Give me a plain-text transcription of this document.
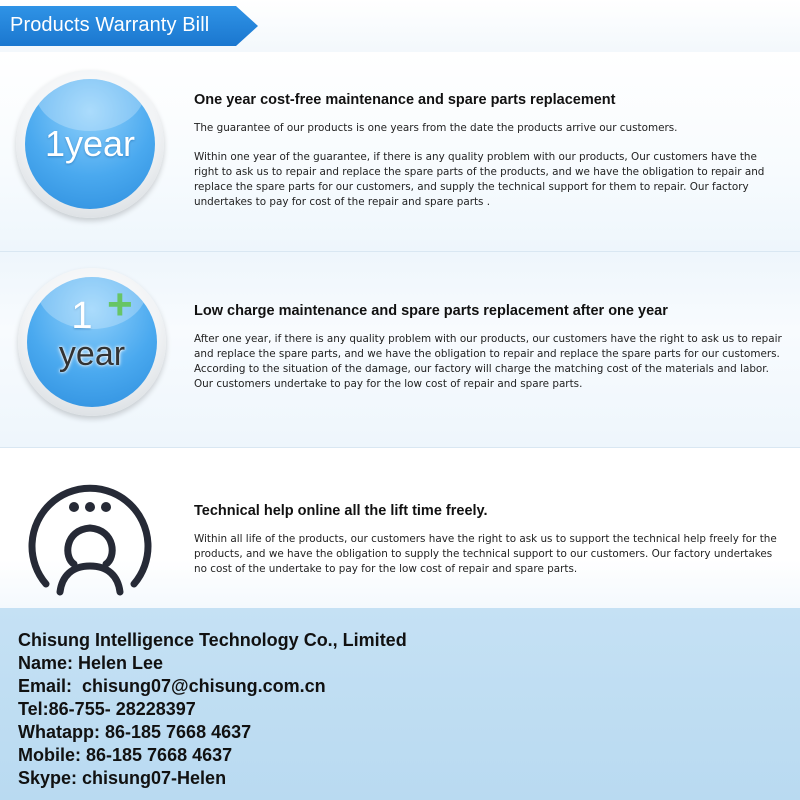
Products Warranty Bill
1year
One year cost-free maintenance and spare parts replacement
The guarantee of our products is one years from the date the products arrive our customers.
Within one year of the guarantee, if there is any quality problem with our products, Our customers have the right to ask us to repair and replace the spare parts of the products, and we have the obligation to repair and replace the spare parts for our customers, and supply the technical support for them to repair. Our factory undertakes to pay for cost of the repair and spare parts .
1 +
year
Low charge maintenance and spare parts replacement after one year
After one year, if there is any quality problem with our products, our customers have the right to ask us to repair and replace the spare parts, and we have the obligation to repair and replace the spare parts for our customers. According to the situation of the damage, our factory will charge the matching cost of the materials and labor. Our customers undertake to pay for the low cost of repair and spare parts.
Technical help online all the lift time freely.
Within all life of the products, our customers have the right to ask us to support the technical help freely for the products, and we have the obligation to supply the technical support to our customers. Our factory undertakes no cost of the undertake to pay for the low cost of repair and spare parts.
Chisung Intelligence Technology Co., Limited
Name: Helen Lee
Email:  chisung07@chisung.com.cn
Tel:86-755- 28228397
Whatapp: 86-185 7668 4637
Mobile: 86-185 7668 4637
Skype: chisung07-Helen
